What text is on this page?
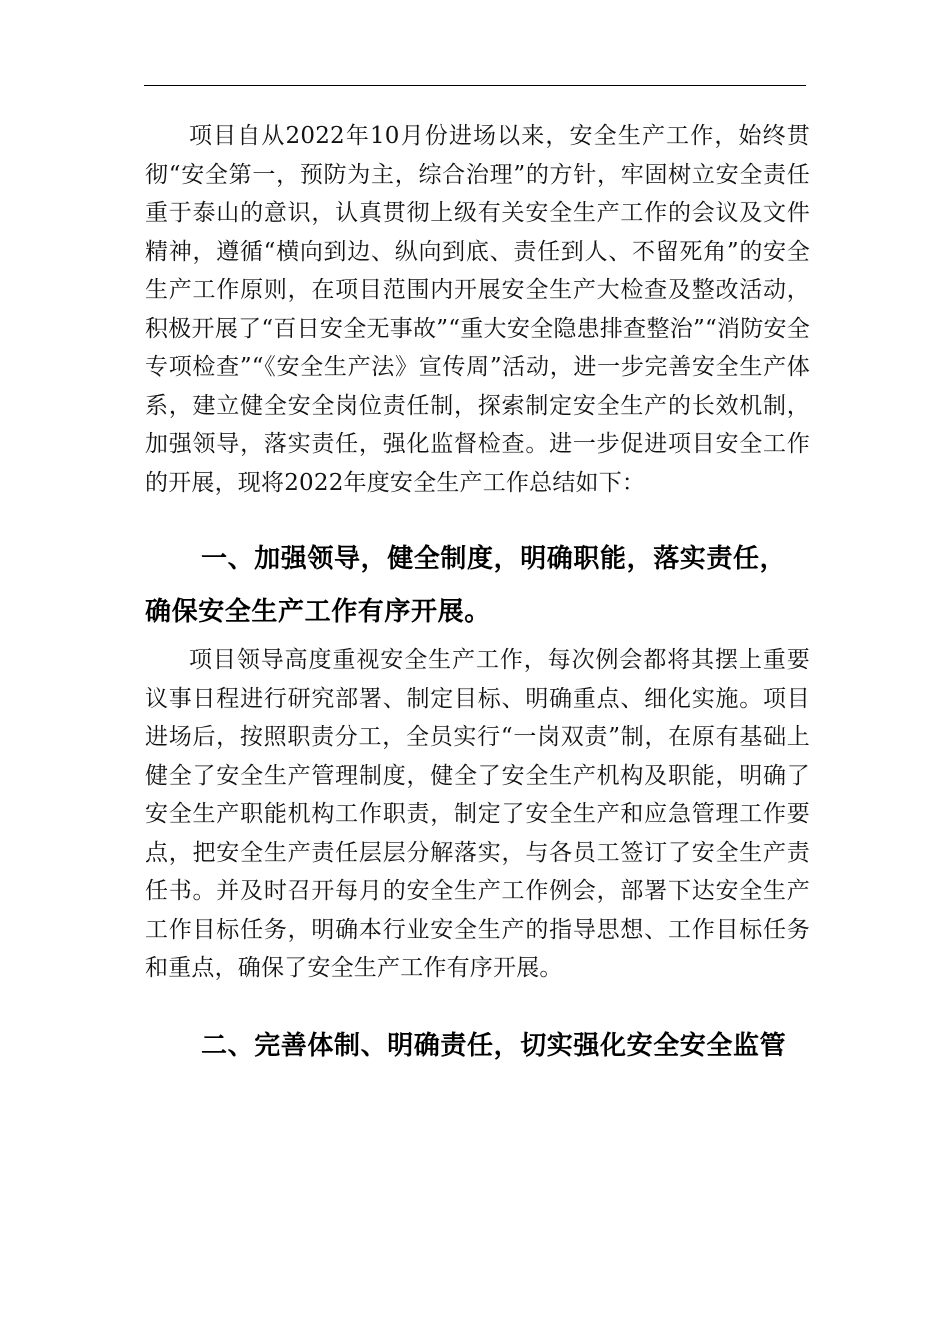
项目自从2022年10月份进场以来，安全生产工作，始终贯彻“安全第一，预防为主，综合治理”的方针，牢固树立安全责任重于泰山的意识，认真贯彻上级有关安全生产工作的会议及文件精神，遵循“横向到边、纵向到底、责任到人、不留死角”的安全生产工作原则，在项目范围内开展安全生产大检查及整改活动，积极开展了“百日安全无事故”“重大安全隐患排查整治”“消防安全专项检查”“《安全生产法》宣传周”活动，进一步完善安全生产体系，建立健全安全岗位责任制，探索制定安全生产的长效机制，加强领导，落实责任，强化监督检查。进一步促进项目安全工作的开展，现将2022年度安全生产工作总结如下：

一、加强领导，健全制度，明确职能，落实责任，确保安全生产工作有序开展。

项目领导高度重视安全生产工作，每次例会都将其摆上重要议事日程进行研究部署、制定目标、明确重点、细化实施。项目进场后，按照职责分工，全员实行“一岗双责”制，在原有基础上健全了安全生产管理制度，健全了安全生产机构及职能，明确了安全生产职能机构工作职责，制定了安全生产和应急管理工作要点，把安全生产责任层层分解落实，与各员工签订了安全生产责任书。并及时召开每月的安全生产工作例会，部署下达安全生产工作目标任务，明确本行业安全生产的指导思想、工作目标任务和重点，确保了安全生产工作有序开展。

二、完善体制、明确责任，切实强化安全安全监管
